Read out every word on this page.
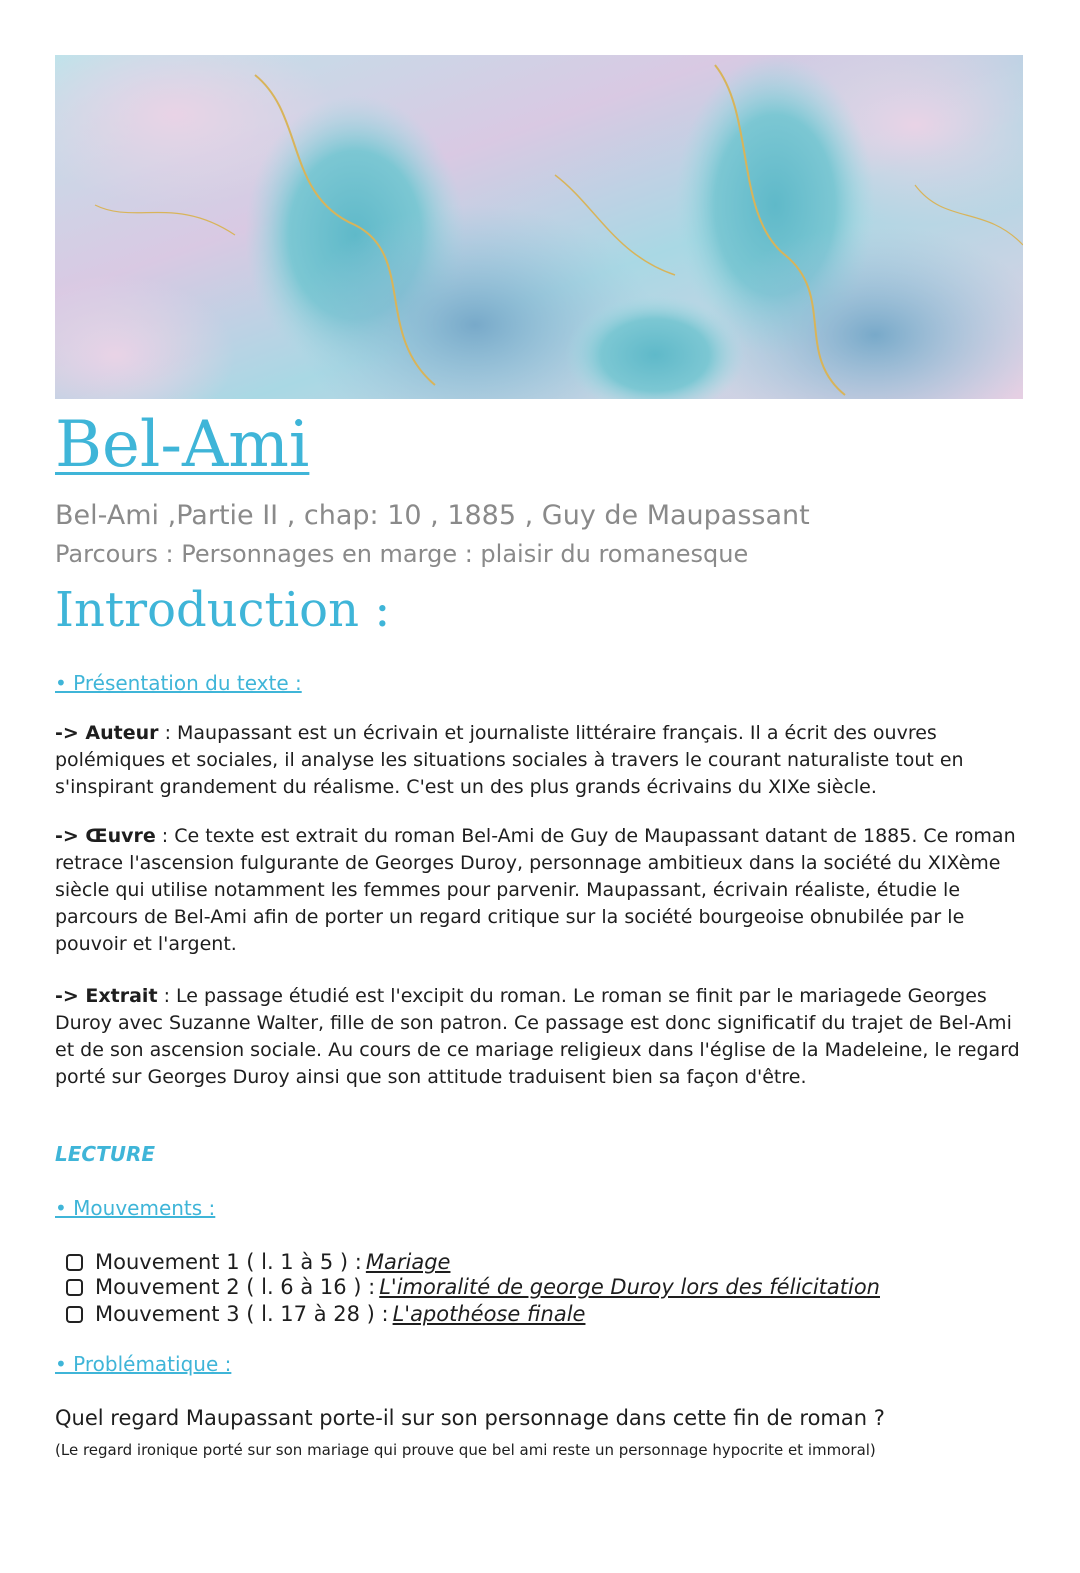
Bel-Ami
Bel-Ami ,Partie II , chap: 10 , 1885 , Guy de Maupassant
Parcours : Personnages en marge : plaisir du romanesque
Introduction :
• Présentation du texte :

-> Auteur : Maupassant est un écrivain et journaliste littéraire français. Il a écrit des ouvres polémiques et sociales, il analyse les situations sociales à travers le courant naturaliste tout en s'inspirant grandement du réalisme. C'est un des plus grands écrivains du XIXe siècle.

-> Œuvre : Ce texte est extrait du roman Bel-Ami de Guy de Maupassant datant de 1885. Ce roman retrace l'ascension fulgurante de Georges Duroy, personnage ambitieux dans la société du XIXème siècle qui utilise notamment les femmes pour parvenir. Maupassant, écrivain réaliste, étudie le parcours de Bel-Ami afin de porter un regard critique sur la société bourgeoise obnubilée par le pouvoir et l'argent.

-> Extrait : Le passage étudié est l'excipit du roman. Le roman se finit par le mariagede Georges Duroy avec Suzanne Walter, fille de son patron. Ce passage est donc significatif du trajet de Bel-Ami et de son ascension sociale. Au cours de ce mariage religieux dans l'église de la Madeleine, le regard porté sur Georges Duroy ainsi que son attitude traduisent bien sa façon d'être.

LECTURE
• Mouvements :
Mouvement 1 ( l. 1 à 5 ) : Mariage
Mouvement 2 ( l. 6 à 16 ) : L'imoralité de george Duroy lors des félicitation
Mouvement 3 ( l. 17 à 28 ) : L'apothéose finale
• Problématique :
Quel regard Maupassant porte-il sur son personnage dans cette fin de roman ?
(Le regard ironique porté sur son mariage qui prouve que bel ami reste un personnage hypocrite et immoral)
